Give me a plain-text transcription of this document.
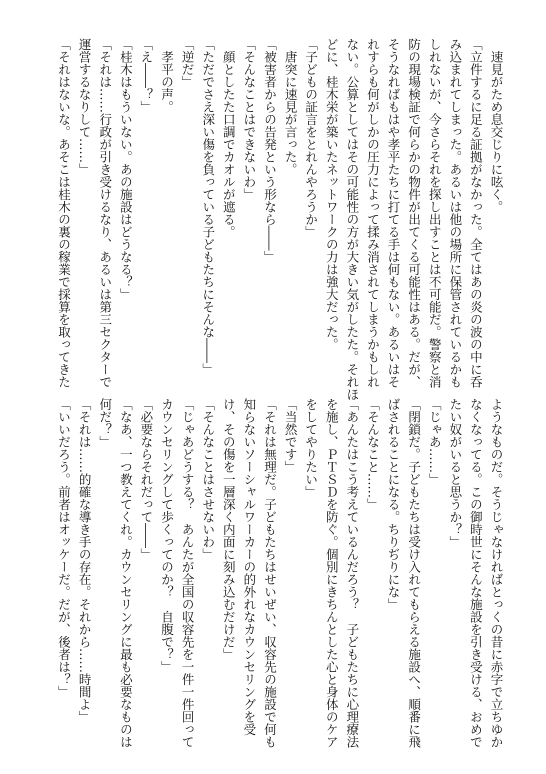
　速見がため息交じりに呟く。
「立件するに足る証拠がなかった。全てはあの炎の波の中に呑
み込まれてしまった。あるいは他の場所に保管されているかも
しれないが、今さらそれを探し出すことは不可能だ。警察と消
防の現場検証で何らかの物件が出てくる可能性はある。だが、
そうなればもはや孝平たちに打てる手は何もない。あるいはそ
れすらも何がしかの圧力によって揉み消されてしまうかもしれ
ない。公算としてはその可能性の方が大きい気がしたた。それほ
どに、桂木栄が築いたネットワークの力は強大だった。
「子どもの証言をとれんやろうか」
　唐突に速見が言った。
「被害者からの告発という形なら――」
「そんなことはできないわ」
　顔としたた口調でカオルが遮る。
「ただでさえ深い傷を負っている子どもたちにそんな――」
「逆だ」
　孝平の声。
「え――？」
「桂木はもういない。あの施設はどうなる？」
「それは……行政が引き受けるなり、あるいは第三セクターで
運営するなりして……」
「それはないな。あそこは桂木の裏の稼業で採算を取ってきた
ようなものだ。そうじゃなければとっくの昔に赤字で立ちゆか
なくなってる。この御時世にそんな施設を引き受ける、おめで
たい奴がいると思うか？」
「じゃあ……」
「閉鎖だ。子どもたちは受け入れてもらえる施設へ、順番に飛
ばされることになる。ちりぢりにな」
「そんなこと……」
「あんたはこう考えているんだろう？　子どもたちに心理療法
を施し、ＰＴＳＤを防ぐ。個別にきちんとした心と身体のケア
をしてやりたい」
「当然です」
「それは無理だ。子どもたちはせいぜい、収容先の施設で何も
知らないソーシャルワーカーの的外れなカウンセリングを受
け、その傷を一層深く内面に刻み込むだけだ」
「そんなことはさせないわ」
「じゃあどうする？　あんたが全国の収容先を一件一件回って
カウンセリングして歩くってのか？　自腹で？」
「必要ならそれだって――」
「なあ、一つ教えてくれ。カウンセリングに最も必要なものは
何だ？」
「それは……的確な導き手の存在。それから……時間よ」
「いいだろう。前者はオッケーだ。だが、後者は？」
